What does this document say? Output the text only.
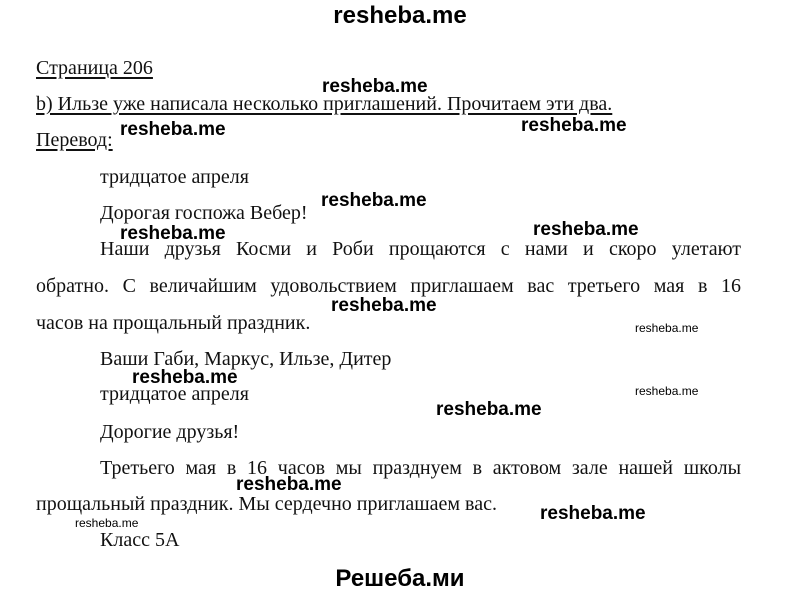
resheba.me
Страница 206
b) Ильзе уже написала несколько приглашений. Прочитаем эти два.
Перевод:
тридцатое апреля
Дорогая госпожа Вебер!
Наши друзья Косми и Роби прощаются с нами и скоро улетают
обратно. С величайшим удовольствием приглашаем вас третьего мая в 16
часов на прощальный праздник.
Ваши Габи, Маркус, Ильзе, Дитер
тридцатое апреля
Дорогие друзья!
Третьего мая в 16 часов мы празднуем в актовом зале нашей школы
прощальный праздник. Мы сердечно приглашаем вас.
Класс 5А
resheba.me
resheba.me	resheba.me
resheba.me
resheba.me	resheba.me
resheba.me
resheba.me
resheba.me
resheba.me
resheba.me
resheba.me
resheba.me
resheba.me
Решеба.ми
